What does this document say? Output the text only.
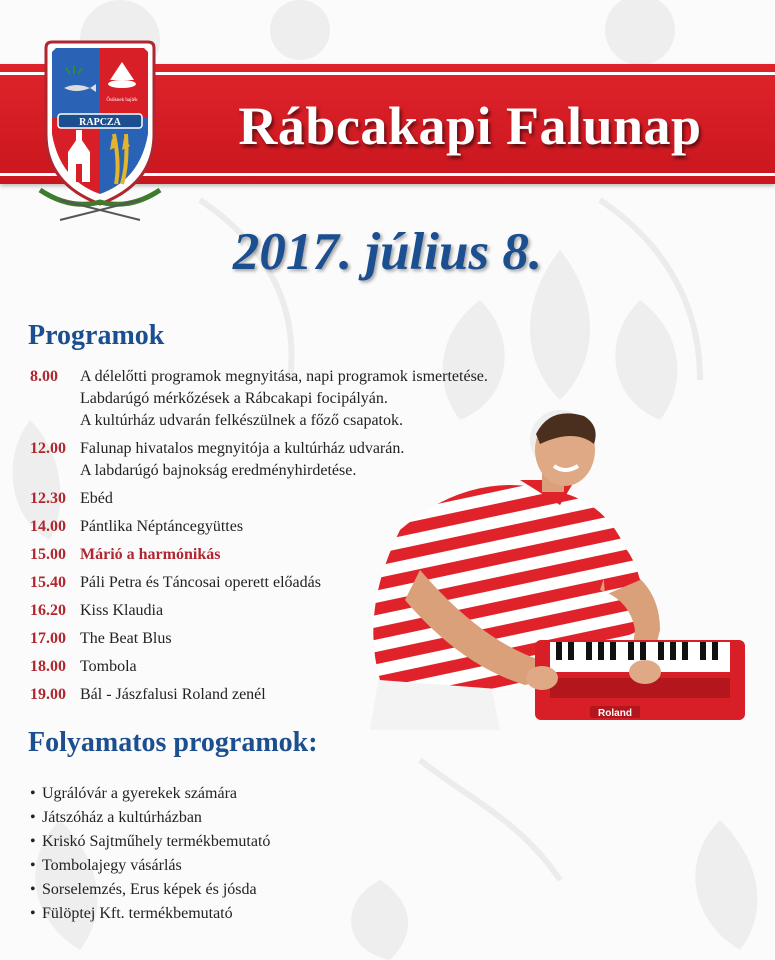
Rábcakapi Falunap
RAPCZA
Ősöknek hajlék
2017. július 8.
Programok
8.00	A délelőtti programok megnyitása, napi programok ismertetése.
Labdarúgó mérkőzések a Rábcakapi focipályán.
A kultúrház udvarán felkészülnek a főző csapatok.
12.00 Falunap hivatalos megnyitója a kultúrház udvarán.
A labdarúgó bajnokság eredményhirdetése.
12.30 Ebéd
14.00 Pántlika Néptáncegyüttes
15.00 Márió a harmónikás
15.40 Páli Petra és Táncosai operett előadás
16.20 Kiss Klaudia
17.00 The Beat Blus
18.00 Tombola
19.00 Bál - Jászfalusi Roland zenél
Roland
Folyamatos programok:
• Ugrálóvár a gyerekek számára
• Játszóház a kultúrházban
• Kriskó Sajtműhely termékbemutató
• Tombolajegy vásárlás
• Sorselemzés, Erus képek és jósda
• Fülöptej Kft. termékbemutató
